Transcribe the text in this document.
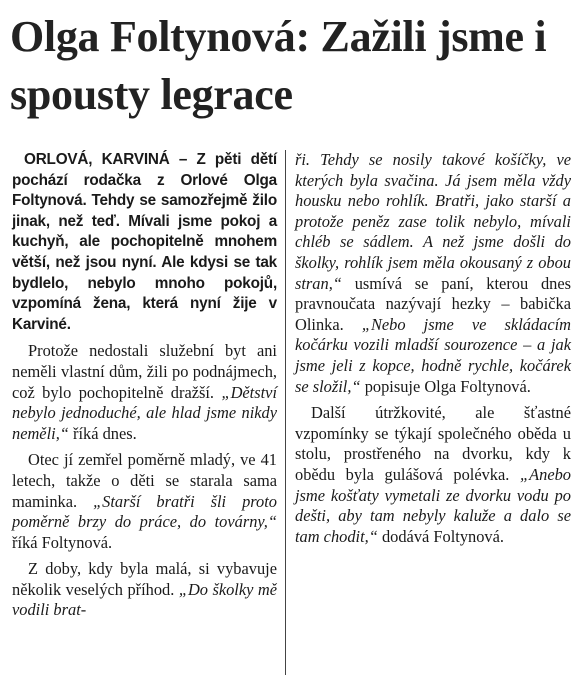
Olga Foltynová: Zažili jsme i spousty legrace

ORLOVÁ, KARVINÁ – Z pěti dětí pochází rodačka z Orlové Olga Foltynová. Tehdy se samozřejmě žilo jinak, než teď. Mívali jsme pokoj a kuchyň, ale pochopitelně mnohem větší, než jsou nyní. Ale kdysi se tak bydlelo, nebylo mnoho pokojů, vzpomíná žena, která nyní žije v Karviné.

Protože nedostali služební byt ani neměli vlastní dům, žili po podnájmech, což bylo pochopitelně dražší. „Dětství nebylo jednoduché, ale hlad jsme nikdy neměli,“ říká dnes.

Otec jí zemřel poměrně mladý, ve 41 letech, takže o děti se starala sama maminka. „Starší bratři šli proto poměrně brzy do práce, do továrny,“ říká Foltynová.

Z doby, kdy byla malá, si vybavuje několik veselých příhod. „Do školky mě vodili brat-

ři. Tehdy se nosily takové košíčky, ve kterých byla svačina. Já jsem měla vždy housku nebo rohlík. Bratři, jako starší a protože peněz zase tolik nebylo, mívali chléb se sádlem. A než jsme došli do školky, rohlík jsem měla okousaný z obou stran,“ usmívá se paní, kterou dnes pravnoučata nazývají hezky – babička Olinka. „Nebo jsme ve skládacím kočárku vozili mladší sourozence – a jak jsme jeli z kopce, hodně rychle, kočárek se složil,“ popisuje Olga Foltynová.

Další útržkovité, ale šťastné vzpomínky se týkají společného oběda u stolu, prostřeného na dvorku, kdy k obědu byla gulášová polévka. „Anebo jsme košťaty vymetali ze dvorku vodu po dešti, aby tam nebyly kaluže a dalo se tam chodit,“ dodává Foltynová.
